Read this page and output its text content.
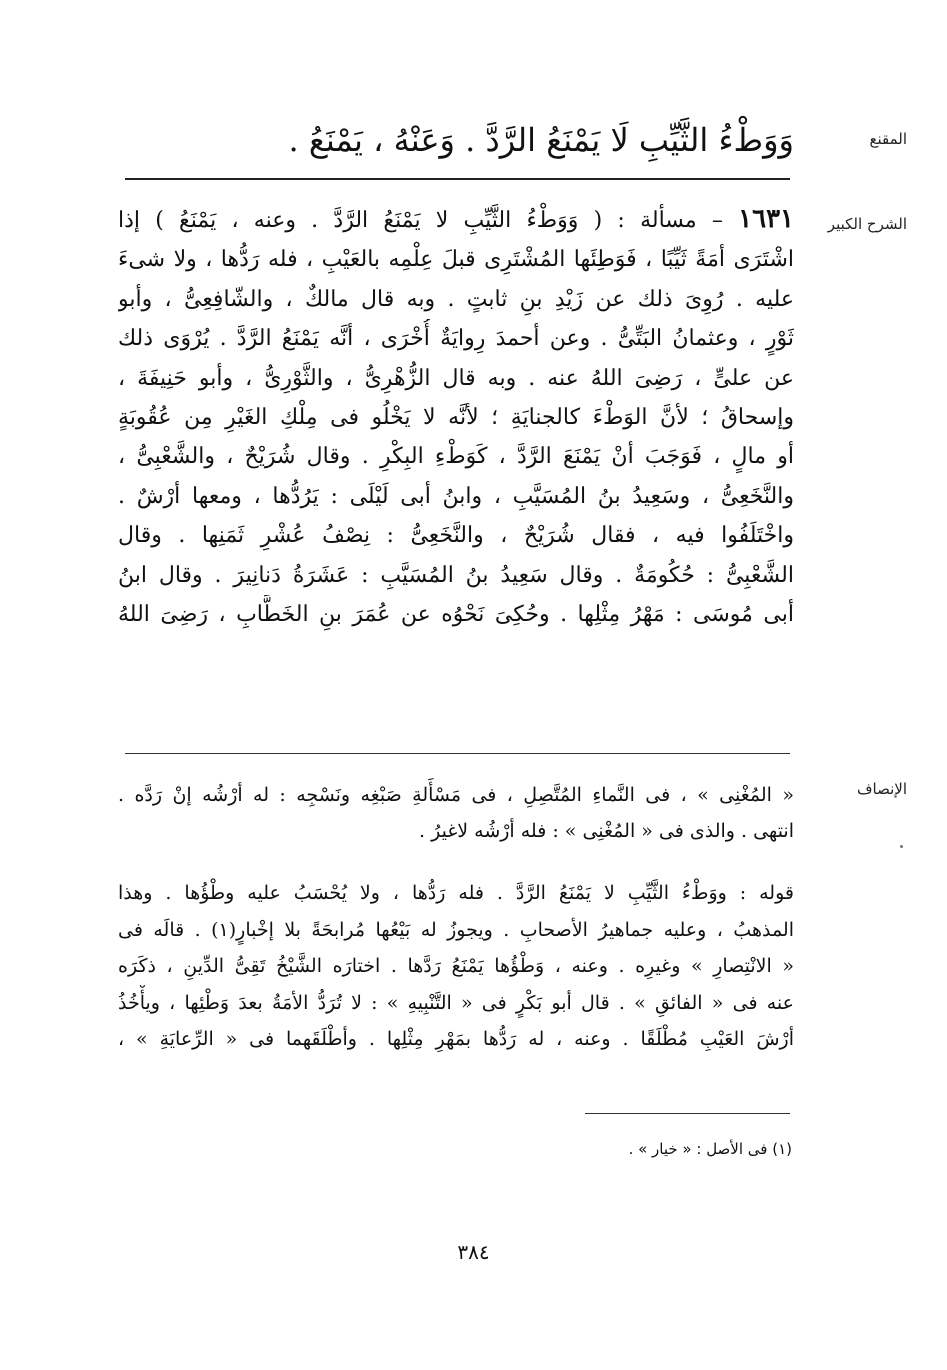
المقنع
الشرح الكبير
الإنصاف
وَوَطْءُ الثَّيِّبِ لَا يَمْنَعُ الرَّدَّ . وَعَنْهُ ، يَمْنَعُ .
١٦٣١ – مسألة : ( وَوَطْءُ الثَّيِّبِ لا يَمْنَعُ الرَّدَّ . وعنه ، يَمْنَعُ ) إذا
اشْتَرَى أمَةً ثَيِّبًا ، فَوَطِئَها المُشْتَرِى قبلَ عِلْمِه بالعَيْبِ ، فله رَدُّها ، ولا شىءَ
عليه . رُوِىَ ذلك عن زَيْدِ بنِ ثابتٍ . وبه قال مالكٌ ، والشّافِعِىُّ ، وأبو
ثَوْرٍ ، وعثمانُ البَتِّىُّ . وعن أحمدَ رِوايَةٌ أُخْرَى ، أنَّه يَمْنَعُ الرَّدَّ . يُرْوَى ذلك
عن علىٍّ ، رَضِىَ اللهُ عنه . وبه قال الزُّهْرِىُّ ، والثَّوْرِىُّ ، وأبو حَنِيفَةَ ،
وإسحاقُ ؛ لأنَّ الوَطْءَ كالجنايَةِ ؛ لأنَّه لا يَخْلُو فى مِلْكِ الغَيْرِ مِن عُقُوبَةٍ
أو مالٍ ، فَوَجَبَ أنْ يَمْنَعَ الرَّدَّ ، كَوَطْءِ البِكْرِ . وقال شُرَيْحٌ ، والشَّعْبِىُّ ،
والنَّخَعِىُّ ، وسَعِيدُ بنُ المُسَيَّبِ ، وابنُ أبى لَيْلَى : يَرُدُّها ، ومعها أرْشٌ .
واخْتَلَفُوا فيه ، فقال شُرَيْحٌ ، والنَّخَعِىُّ : نِصْفُ عُشْرِ ثَمَنِها . وقال
الشَّعْبِىُّ : حُكُومَةٌ . وقال سَعِيدُ بنُ المُسَيَّبِ : عَشَرَةُ دَنانِيرَ . وقال ابنُ
أبى مُوسَى : مَهْرُ مِثْلِها . وحُكِىَ نَحْوُه عن عُمَرَ بنِ الخَطَّابِ ، رَضِىَ اللهُ
« المُغْنِى » ، فى النَّماءِ المُتَّصِلِ ، فى مَسْأَلةِ صَبْغِه ونَسْجِه : له أرْشُه إنْ رَدَّه .
انتهى . والذى فى « المُغْنِى » : فله أرْشُه لاغيرُ .
قوله : ووَطْءُ الثَّيِّبِ لا يَمْنَعُ الرَّدَّ . فله رَدُّها ، ولا يُحْسَبُ عليه وطْؤُها . وهذا
المذهبُ ، وعليه جماهيرُ الأصحابِ . ويجوزُ له بَيْعُها مُرابحَةً بلا إخْبارٍ(١) . قالَه فى
« الانْتِصارِ » وغيرِه . وعنه ، وَطْؤُها يَمْنَعُ رَدَّها . اختارَه الشَّيْخُ تَقِىُّ الدِّينِ ، ذكَرَه
عنه فى « الفائقِ » . قال أبو بَكْرٍ فى « التَّنْبِيهِ » : لا تُرَدُّ الأمَةُ بعدَ وَطْئِها ، ويأْخُذُ
أرْشَ العَيْبِ مُطْلَقًا . وعنه ، له رَدُّها بمَهْرِ مِثْلِها . وأطْلَقَهما فى « الرِّعايَةِ » ،
(١) فى الأصل : « خيار » .
٣٨٤
